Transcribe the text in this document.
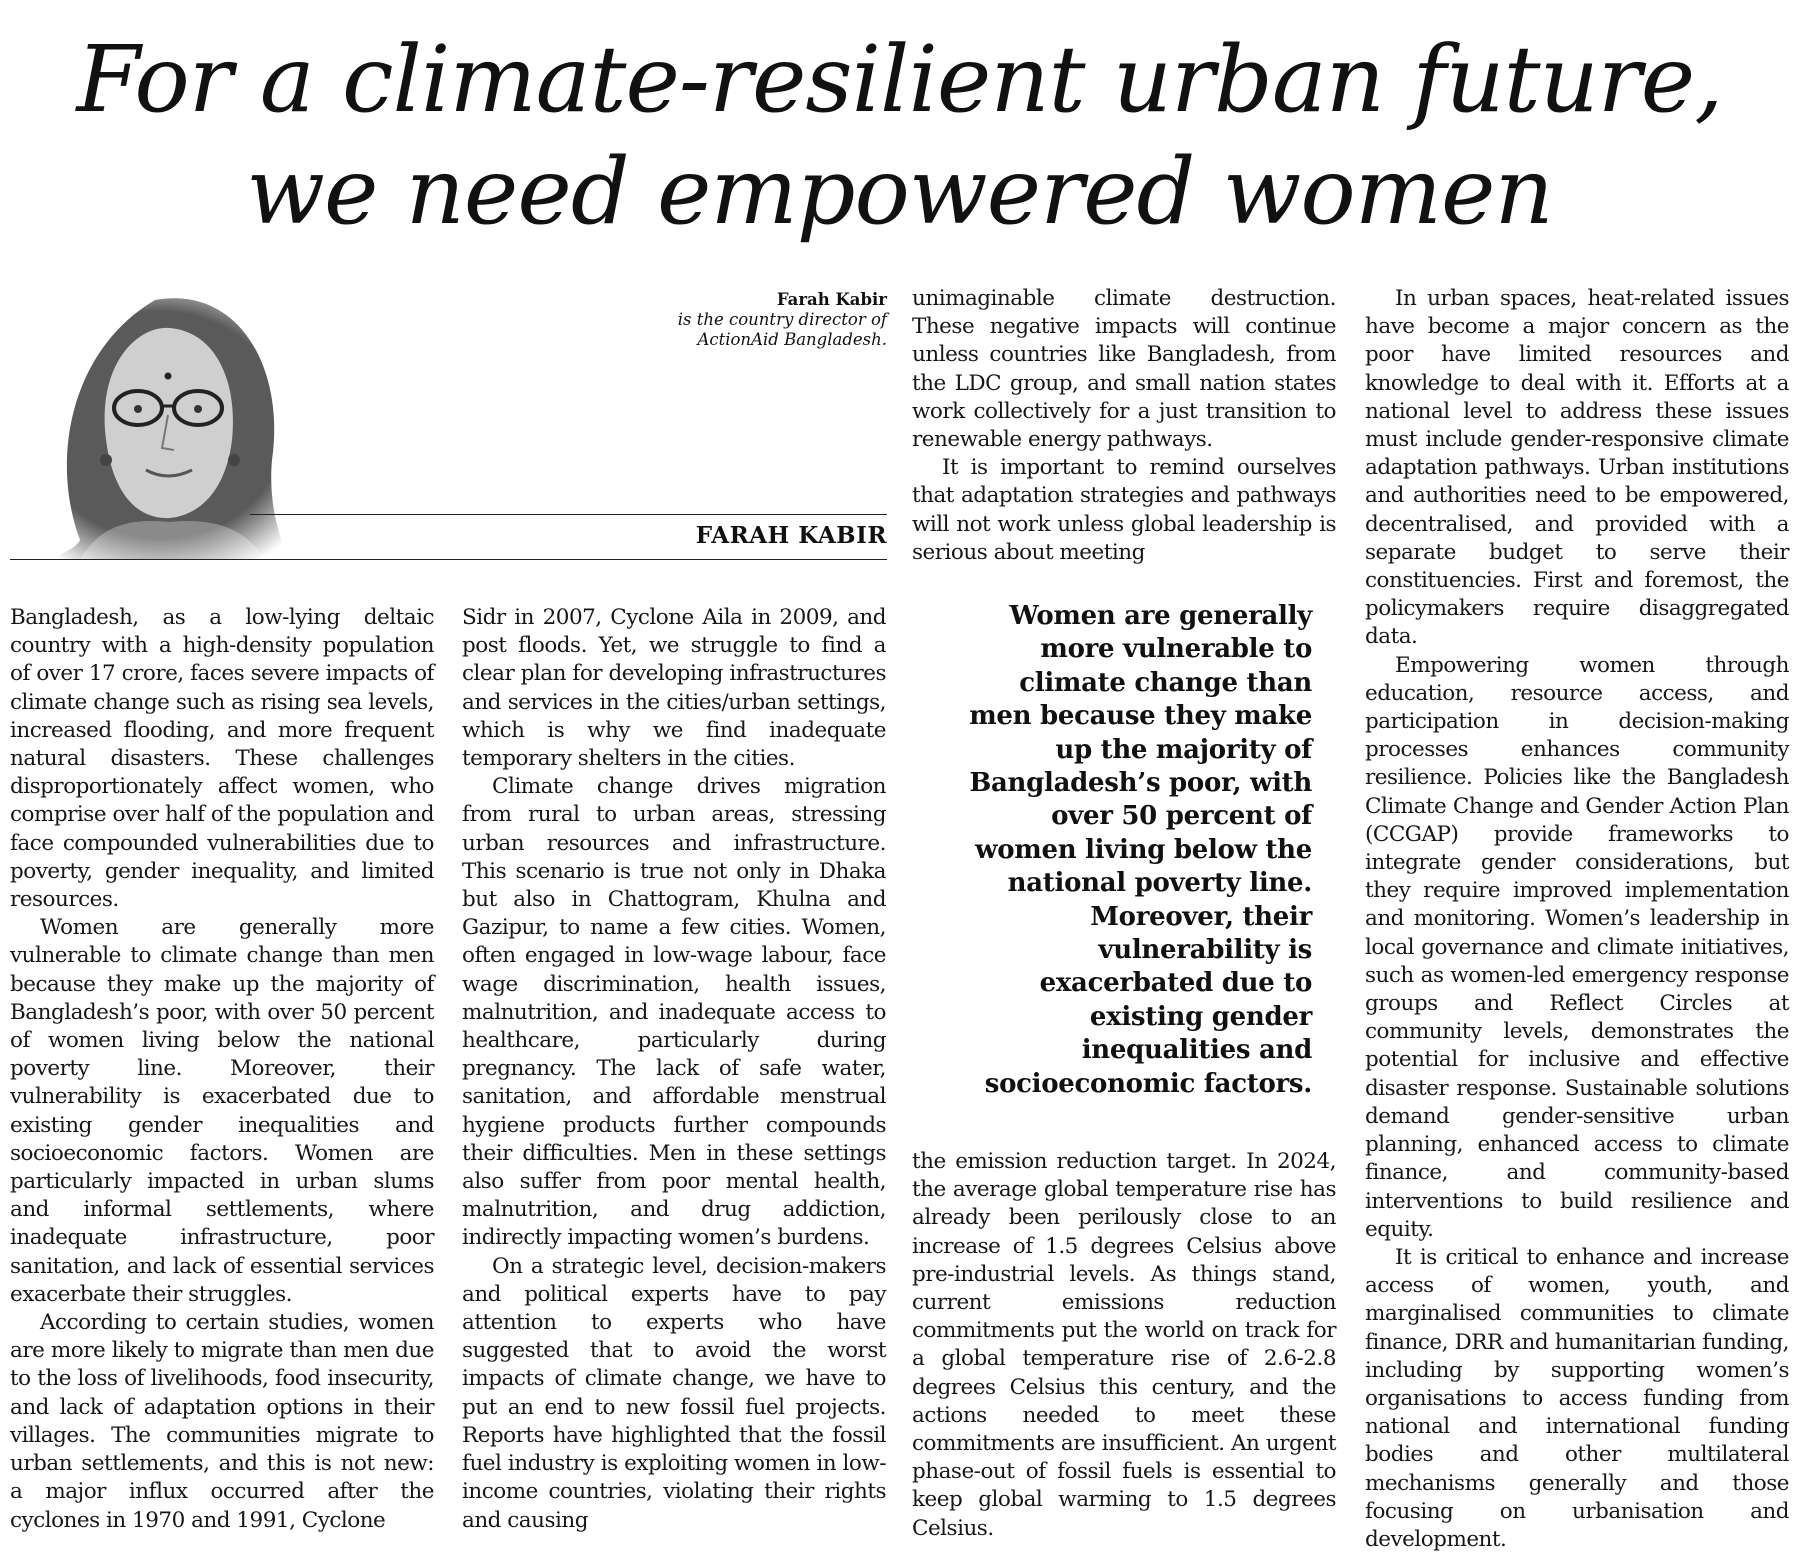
For a climate-resilient urban future, we need empowered women
Farah Kabir
is the country director of
ActionAid Bangladesh.
FARAH KABIR

Bangladesh, as a low-lying deltaic country with a high-density population of over 17 crore, faces severe impacts of climate change such as rising sea levels, increased flooding, and more frequent natural disasters. These challenges disproportionately affect women, who comprise over half of the population and face compounded vulnerabilities due to poverty, gender inequality, and limited resources.

Women are generally more vulnerable to climate change than men because they make up the majority of Bangladesh’s poor, with over 50 percent of women living below the national poverty line. Moreover, their vulnerability is exacerbated due to existing gender inequalities and socioeconomic factors. Women are particularly impacted in urban slums and informal settlements, where inadequate infrastructure, poor sanitation, and lack of essential services exacerbate their struggles.

According to certain studies, women are more likely to migrate than men due to the loss of livelihoods, food insecurity, and lack of adaptation options in their villages. The communities migrate to urban settlements, and this is not new: a major influx occurred after the cyclones in 1970 and 1991, Cyclone

Sidr in 2007, Cyclone Aila in 2009, and post floods. Yet, we struggle to find a clear plan for developing infrastructures and services in the cities/urban settings, which is why we find inadequate temporary shelters in the cities.

Climate change drives migration from rural to urban areas, stressing urban resources and infrastructure. This scenario is true not only in Dhaka but also in Chattogram, Khulna and Gazipur, to name a few cities. Women, often engaged in low-wage labour, face wage discrimination, health issues, malnutrition, and inadequate access to healthcare, particularly during pregnancy. The lack of safe water, sanitation, and affordable menstrual hygiene products further compounds their difficulties. Men in these settings also suffer from poor mental health, malnutrition, and drug addiction, indirectly impacting women’s burdens.

On a strategic level, decision-makers and political experts have to pay attention to experts who have suggested that to avoid the worst impacts of climate change, we have to put an end to new fossil fuel projects. Reports have highlighted that the fossil fuel industry is exploiting women in low-income countries, violating their rights and causing

unimaginable climate destruction. These negative impacts will continue unless countries like Bangladesh, from the LDC group, and small nation states work collectively for a just transition to renewable energy pathways.

It is important to remind ourselves that adaptation strategies and pathways will not work unless global leadership is serious about meeting

Women are generally more vulnerable to climate change than men because they make up the majority of Bangladesh’s poor, with over 50 percent of women living below the national poverty line. Moreover, their vulnerability is exacerbated due to existing gender inequalities and socioeconomic factors.

the emission reduction target. In 2024, the average global temperature rise has already been perilously close to an increase of 1.5 degrees Celsius above pre-industrial levels. As things stand, current emissions reduction commitments put the world on track for a global temperature rise of 2.6-2.8 degrees Celsius this century, and the actions needed to meet these commitments are insufficient. An urgent phase-out of fossil fuels is essential to keep global warming to 1.5 degrees Celsius.

In urban spaces, heat-related issues have become a major concern as the poor have limited resources and knowledge to deal with it. Efforts at a national level to address these issues must include gender-responsive climate adaptation pathways. Urban institutions and authorities need to be empowered, decentralised, and provided with a separate budget to serve their constituencies. First and foremost, the policymakers require disaggregated data.

Empowering women through education, resource access, and participation in decision-making processes enhances community resilience. Policies like the Bangladesh Climate Change and Gender Action Plan (CCGAP) provide frameworks to integrate gender considerations, but they require improved implementation and monitoring. Women’s leadership in local governance and climate initiatives, such as women-led emergency response groups and Reflect Circles at community levels, demonstrates the potential for inclusive and effective disaster response. Sustainable solutions demand gender-sensitive urban planning, enhanced access to climate finance, and community-based interventions to build resilience and equity.

It is critical to enhance and increase access of women, youth, and marginalised communities to climate finance, DRR and humanitarian funding, including by supporting women’s organisations to access funding from national and international funding bodies and other multilateral mechanisms generally and those focusing on urbanisation and development.
